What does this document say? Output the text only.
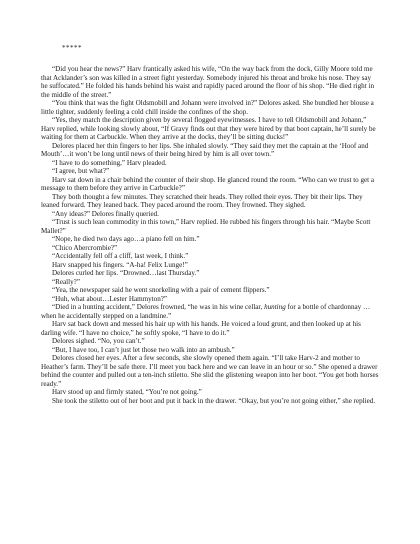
*****

“Did you hear the news?” Harv frantically asked his wife, “On the way back from the dock, Gilly Moore told me that Acklander’s son was killed in a street fight yesterday. Somebody injured his throat and broke his nose. They say he suffocated.” He folded his hands behind his waist and rapidly paced around the floor of his shop. “He died right in the middle of the street.”

“You think that was the fight Oldsmobill and Johann were involved in?” Delores asked. She bundled her blouse a little tighter, suddenly feeling a cold chill inside the confines of the shop.

“Yes, they match the description given by several flogged eyewitnesses. I have to tell Oldsmobill and Johann,” Harv replied, while looking slowly about, “If Gravy finds out that they were hired by that boot captain, he’ll surely be waiting for them at Carbuckle. When they arrive at the docks, they’ll be sitting ducks!”

Delores placed her thin fingers to her lips. She inhaled slowly. “They said they met the captain at the ‘Hoof and Mouth’…it won’t be long until news of their being hired by him is all over town.”

“I have to do something,” Harv pleaded.

“I agree, but what?”

Harv sat down in a chair behind the counter of their shop. He glanced round the room. “Who can we trust to get a message to them before they arrive in Carbuckle?”

They both thought a few minutes. They scratched their heads. They rolled their eyes. They bit their lips. They leaned forward. They leaned back. They paced around the room. They frowned. They sighed.

“Any ideas?” Delores finally queried.

“Trust is such lean commodity in this town,” Harv replied. He rubbed his fingers through his hair. “Maybe Scott Mallet?”

“Nope, he died two days ago…a piano fell on him.”

“Chico Abercrombie?”

“Accidentally fell off a cliff, last week, I think.”

Harv snapped his fingers. “A-ha! Felix Lunge!”

Delores curled her lips. “Drowned…last Thursday.”

“Really?”

“Yea, the newspaper said he went snorkeling with a pair of cement flippers.”

“Huh, what about…Lester Hammyton?”

“Died in a hunting accident,” Delores frowned, “he was in his wine cellar, hunting for a bottle of chardonnay …when he accidentally stepped on a landmine.”

Harv sat back down and messed his hair up with his hands. He voiced a loud grunt, and then looked up at his darling wife. “I have no choice,” he softly spoke, “I have to do it.”

Delores sighed. “No, you can’t.”

“But, I have too, I can’t just let those two walk into an ambush.”

Delores closed her eyes. After a few seconds, she slowly opened them again. “I’ll take Harv-2 and mother to Heather’s farm. They’ll be safe there. I’ll meet you back here and we can leave in an hour or so.” She opened a drawer behind the counter and pulled out a ten-inch stiletto. She slid the glistening weapon into her boot. “You get both horses ready.”

Harv stood up and firmly stated, “You’re not going.”

She took the stiletto out of her boot and put it back in the drawer. “Okay, but you’re not going either,” she replied.
